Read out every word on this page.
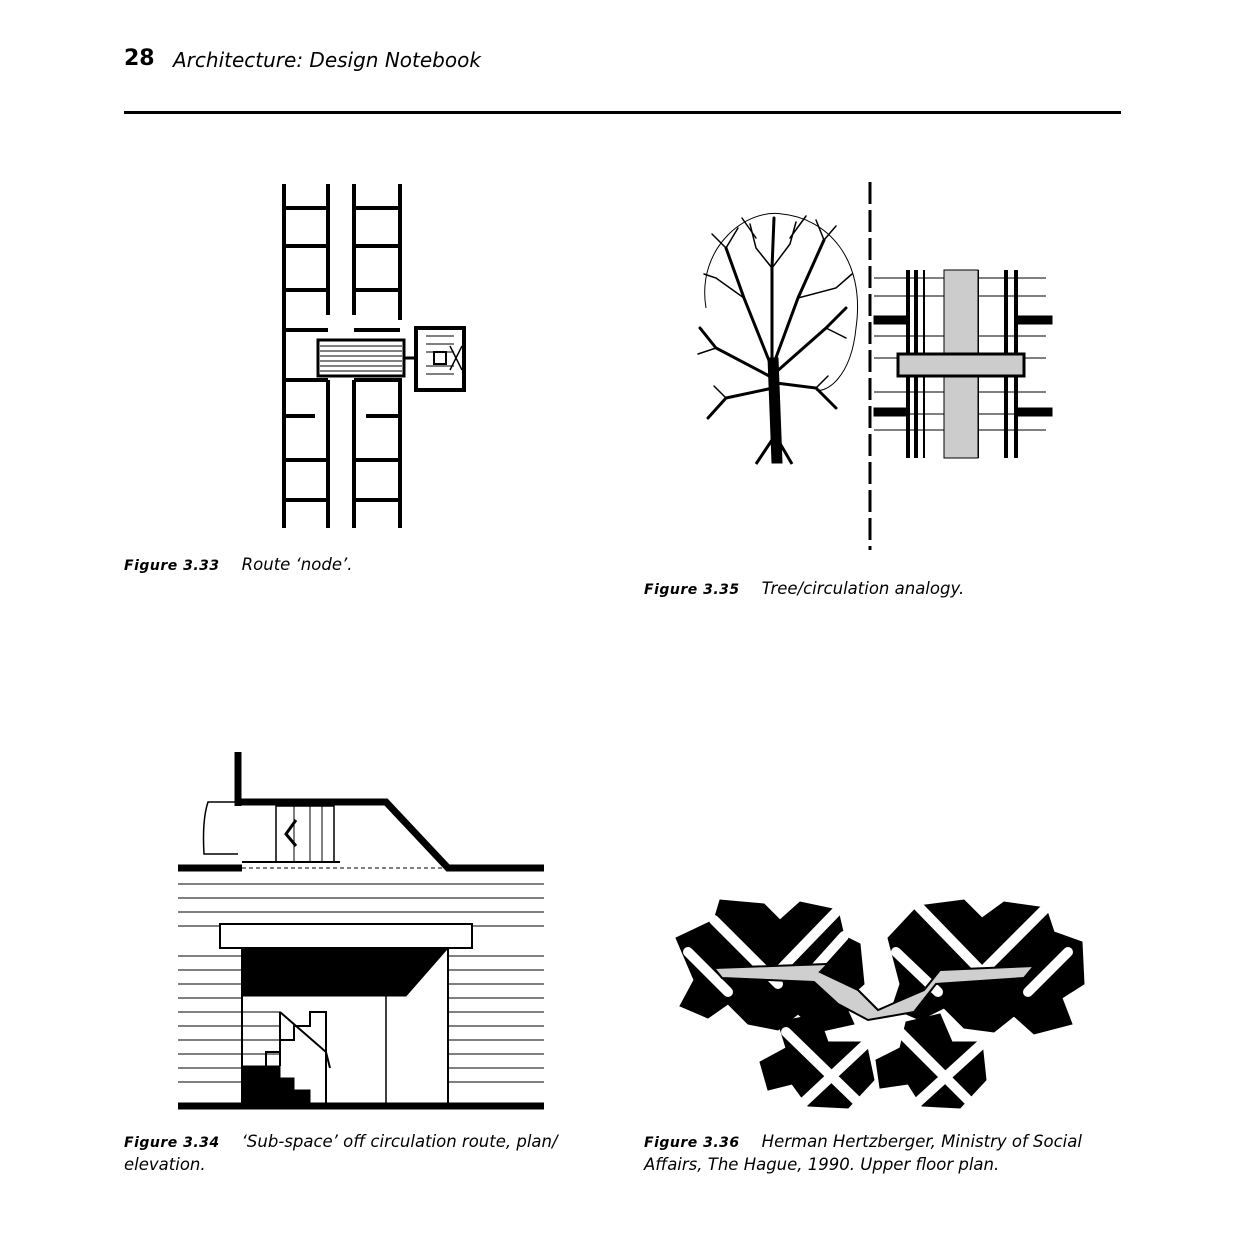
28 Architecture: Design Notebook
Figure 3.33 Route ‘node’.
Figure 3.35 Tree/circulation analogy.
Figure 3.34 ‘Sub-space’ off circulation route, plan/ elevation.
Figure 3.36 Herman Hertzberger, Ministry of Social Affairs, The Hague, 1990. Upper floor plan.
